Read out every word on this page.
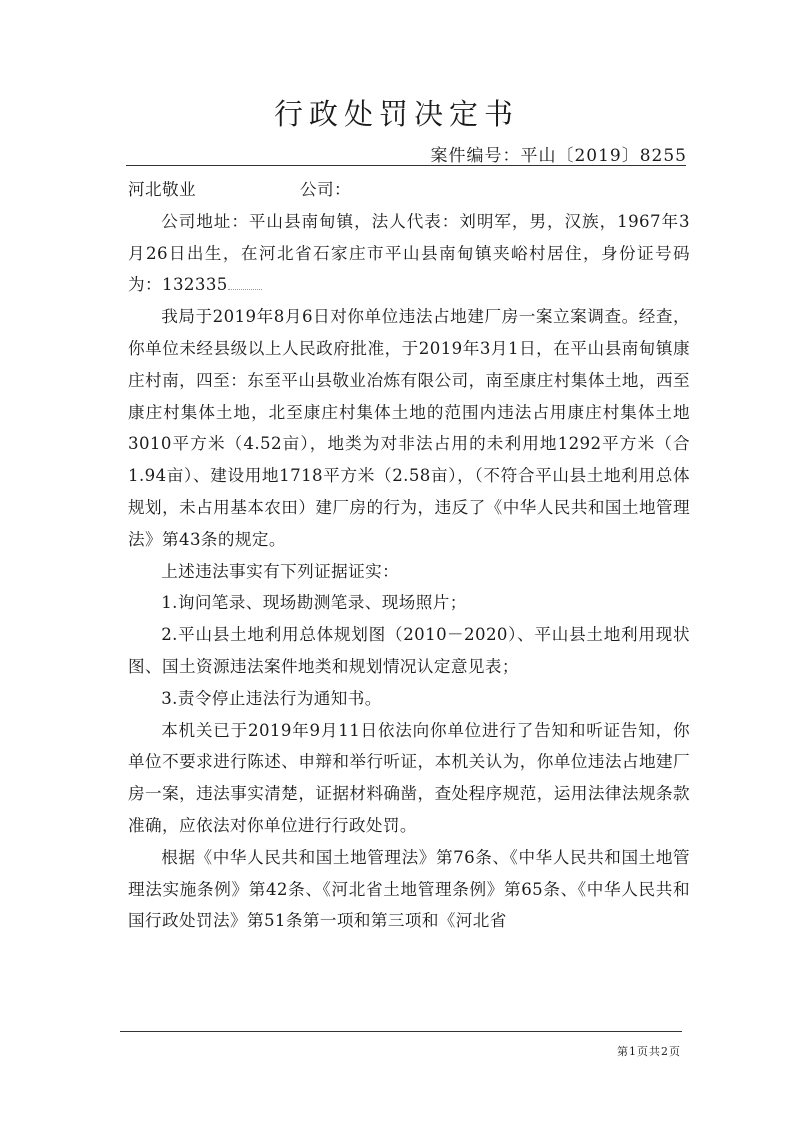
行政处罚决定书
案件编号：平山〔2019〕8255

河北敬业	公司：

公司地址：平山县南甸镇，法人代表：刘明军，男，汉族，1967年3月26日出生，在河北省石家庄市平山县南甸镇夹峪村居住，身份证号码为：132335

我局于2019年8月6日对你单位违法占地建厂房一案立案调查。经查，你单位未经县级以上人民政府批准，于2019年3月1日，在平山县南甸镇康庄村南，四至：东至平山县敬业冶炼有限公司，南至康庄村集体土地，西至康庄村集体土地，北至康庄村集体土地的范围内违法占用康庄村集体土地3010平方米（4.52亩），地类为对非法占用的未利用地1292平方米（合1.94亩）、建设用地1718平方米（2.58亩），（不符合平山县土地利用总体规划，未占用基本农田）建厂房的行为，违反了《中华人民共和国土地管理法》第43条的规定。

上述违法事实有下列证据证实：

1.询问笔录、现场勘测笔录、现场照片；

2.平山县土地利用总体规划图（2010－2020）、平山县土地利用现状图、国土资源违法案件地类和规划情况认定意见表；

3.责令停止违法行为通知书。

本机关已于2019年9月11日依法向你单位进行了告知和听证告知，你单位不要求进行陈述、申辩和举行听证，本机关认为，你单位违法占地建厂房一案，违法事实清楚，证据材料确凿，查处程序规范，运用法律法规条款准确，应依法对你单位进行行政处罚。

根据《中华人民共和国土地管理法》第76条、《中华人民共和国土地管理法实施条例》第42条、《河北省土地管理条例》第65条、《中华人民共和国行政处罚法》第51条第一项和第三项和《河北省

第1页共2页
